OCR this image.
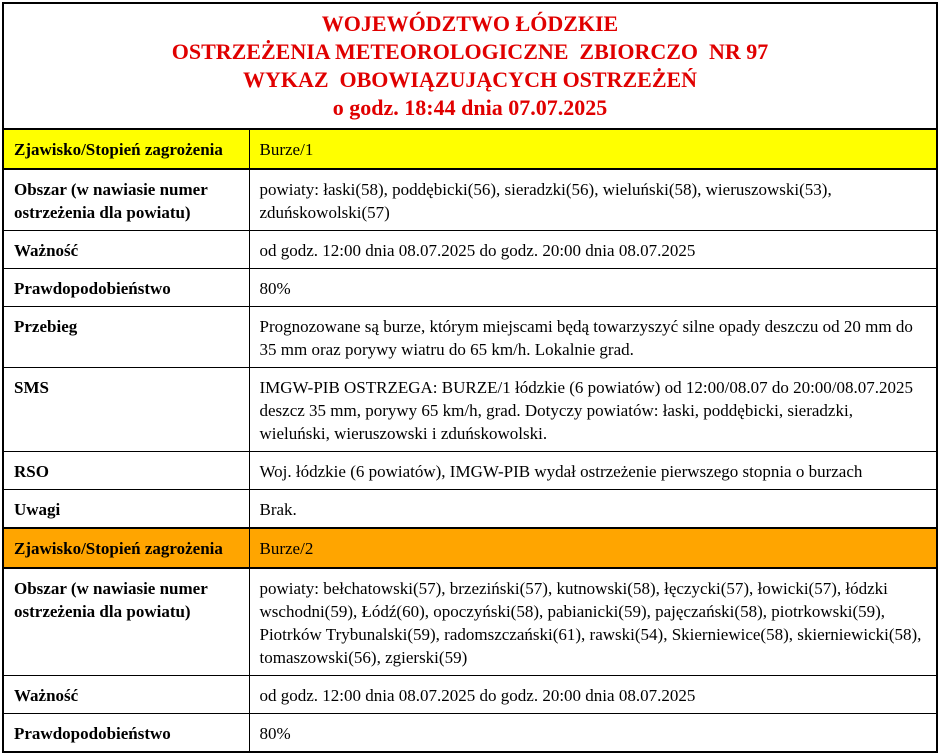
WOJEWÓDZTWO ŁÓDZKIE
OSTRZEŻENIA METEOROLOGICZNE  ZBIORCZO  NR 97
WYKAZ  OBOWIĄZUJĄCYCH OSTRZEŻEŃ
o godz. 18:44 dnia 07.07.2025	

Zjawisko/Stopień zagrożenia	Burze/1
Obszar (w nawiasie numer ostrzeżenia dla powiatu)	powiaty: łaski(58), poddębicki(56), sieradzki(56), wieluński(58), wieruszowski(53), zduńskowolski(57)
Ważność	od godz. 12:00 dnia 08.07.2025 do godz. 20:00 dnia 08.07.2025
Prawdopodobieństwo	80%
Przebieg	Prognozowane są burze, którym miejscami będą towarzyszyć silne opady deszczu od 20 mm do 35 mm oraz porywy wiatru do 65 km/h. Lokalnie grad.
SMS	IMGW-PIB OSTRZEGA: BURZE/1 łódzkie (6 powiatów) od 12:00/08.07 do 20:00/08.07.2025 deszcz 35 mm, porywy 65 km/h, grad. Dotyczy powiatów: łaski, poddębicki, sieradzki, wieluński, wieruszowski i zduńskowolski.
RSO	Woj. łódzkie (6 powiatów), IMGW-PIB wydał ostrzeżenie pierwszego stopnia o burzach
Uwagi	Brak.
Zjawisko/Stopień zagrożenia	Burze/2
Obszar (w nawiasie numer ostrzeżenia dla powiatu)	powiaty: bełchatowski(57), brzeziński(57), kutnowski(58), łęczycki(57), łowicki(57), łódzki wschodni(59), Łódź(60), opoczyński(58), pabianicki(59), pajęczański(58), piotrkowski(59), Piotrków Trybunalski(59), radomszczański(61), rawski(54), Skierniewice(58), skierniewicki(58), tomaszowski(56), zgierski(59)
Ważność	od godz. 12:00 dnia 08.07.2025 do godz. 20:00 dnia 08.07.2025
Prawdopodobieństwo	80%
